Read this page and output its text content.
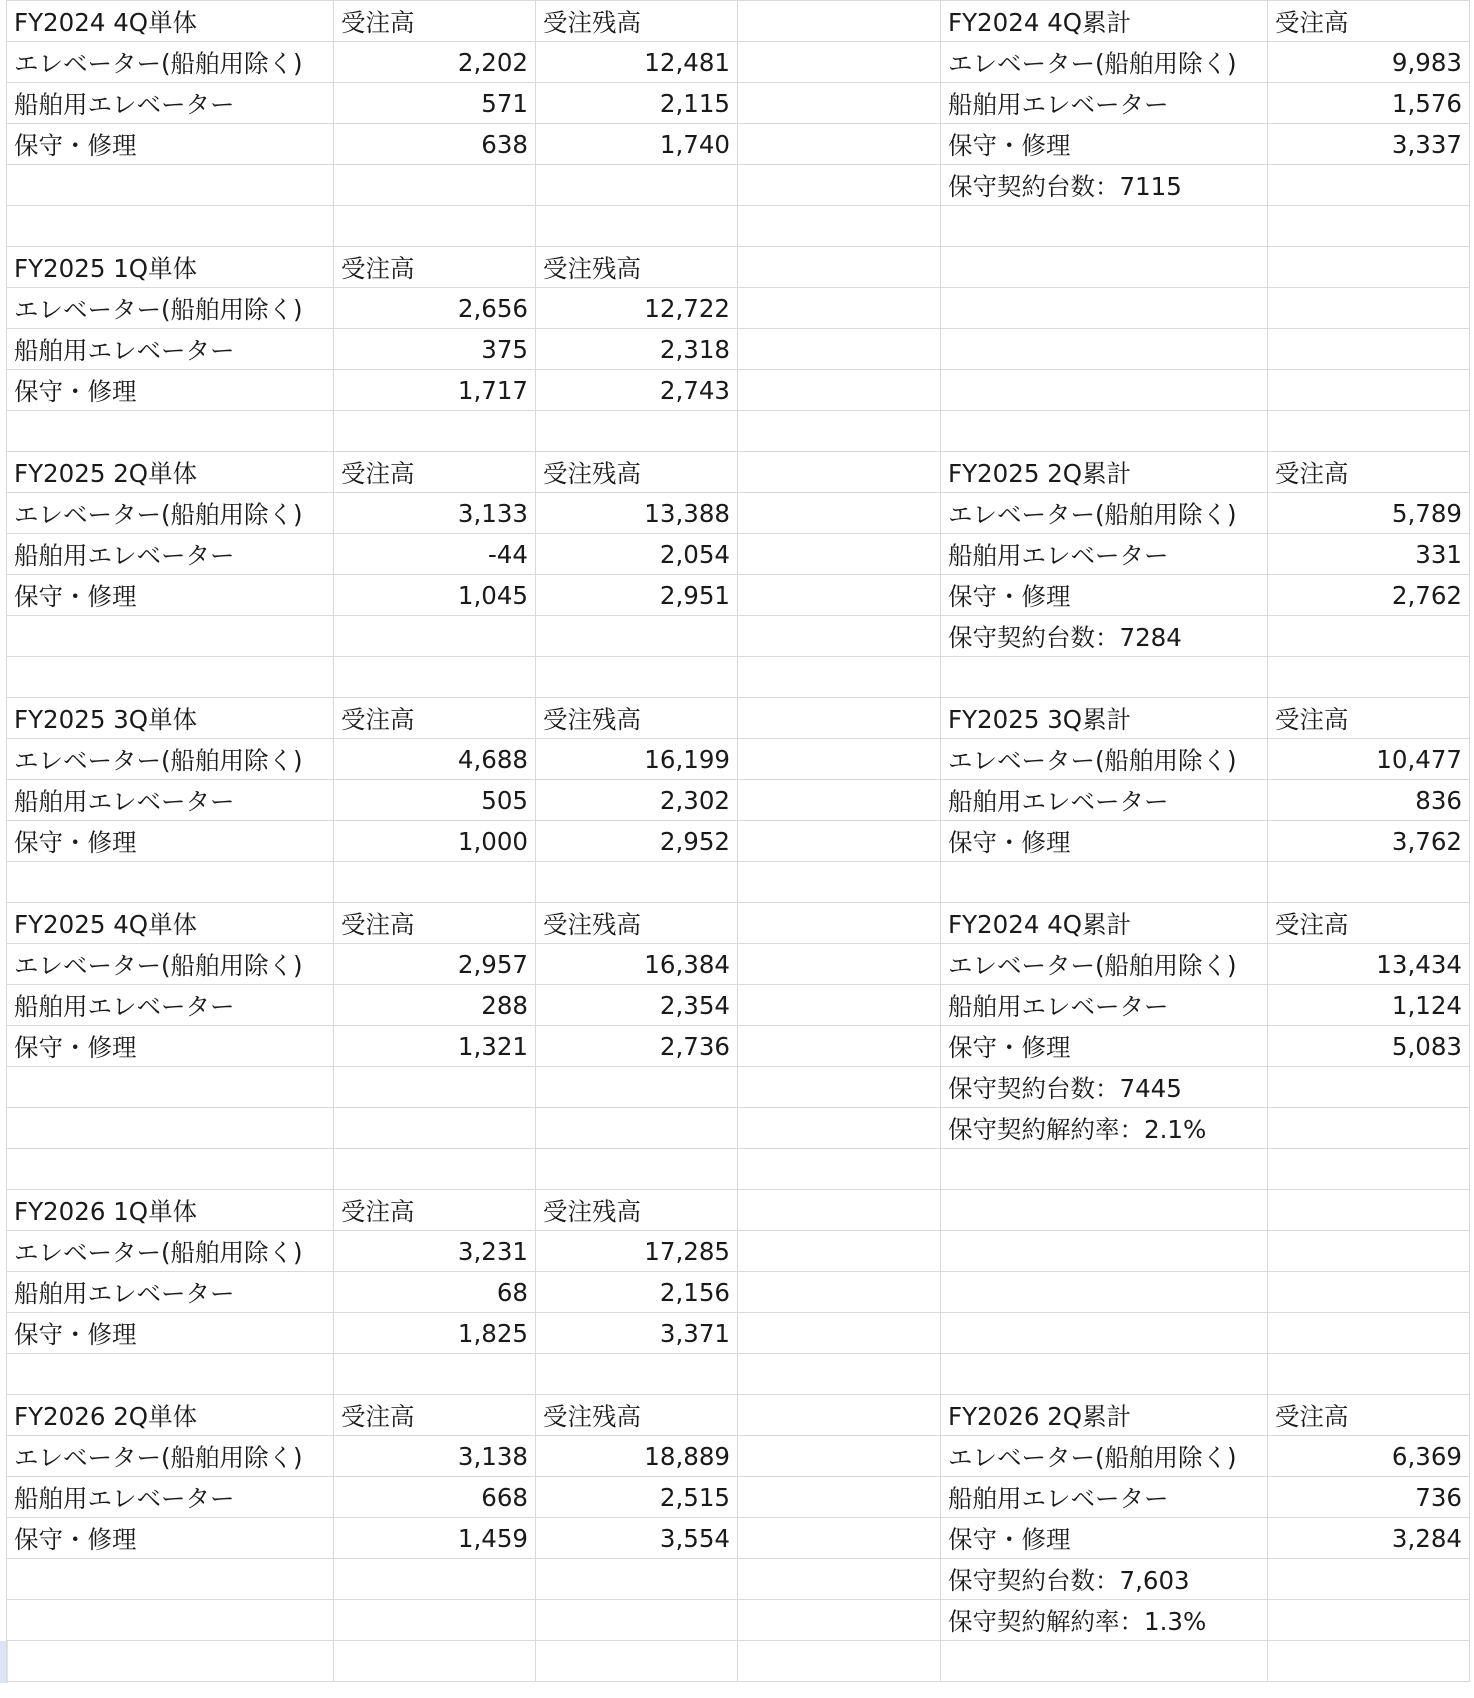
FY2024 4Q単体	受注高	受注残高		FY2024 4Q累計	受注高
エレベーター(船舶用除く)	2,202	12,481		エレベーター(船舶用除く)	9,983
船舶用エレベーター	571	2,115		船舶用エレベーター	1,576
保守・修理	638	1,740		保守・修理	3,337
				保守契約台数：7115	

FY2025 1Q単体	受注高	受注残高			
エレベーター(船舶用除く)	2,656	12,722			
船舶用エレベーター	375	2,318			
保守・修理	1,717	2,743			

FY2025 2Q単体	受注高	受注残高		FY2025 2Q累計	受注高
エレベーター(船舶用除く)	3,133	13,388		エレベーター(船舶用除く)	5,789
船舶用エレベーター	-44	2,054		船舶用エレベーター	331
保守・修理	1,045	2,951		保守・修理	2,762
				保守契約台数：7284	

FY2025 3Q単体	受注高	受注残高		FY2025 3Q累計	受注高
エレベーター(船舶用除く)	4,688	16,199		エレベーター(船舶用除く)	10,477
船舶用エレベーター	505	2,302		船舶用エレベーター	836
保守・修理	1,000	2,952		保守・修理	3,762

FY2025 4Q単体	受注高	受注残高		FY2024 4Q累計	受注高
エレベーター(船舶用除く)	2,957	16,384		エレベーター(船舶用除く)	13,434
船舶用エレベーター	288	2,354		船舶用エレベーター	1,124
保守・修理	1,321	2,736		保守・修理	5,083
				保守契約台数：7445	
				保守契約解約率：2.1%	

FY2026 1Q単体	受注高	受注残高			
エレベーター(船舶用除く)	3,231	17,285			
船舶用エレベーター	68	2,156			
保守・修理	1,825	3,371			

FY2026 2Q単体	受注高	受注残高		FY2026 2Q累計	受注高
エレベーター(船舶用除く)	3,138	18,889		エレベーター(船舶用除く)	6,369
船舶用エレベーター	668	2,515		船舶用エレベーター	736
保守・修理	1,459	3,554		保守・修理	3,284
				保守契約台数：7,603	
				保守契約解約率：1.3%	
